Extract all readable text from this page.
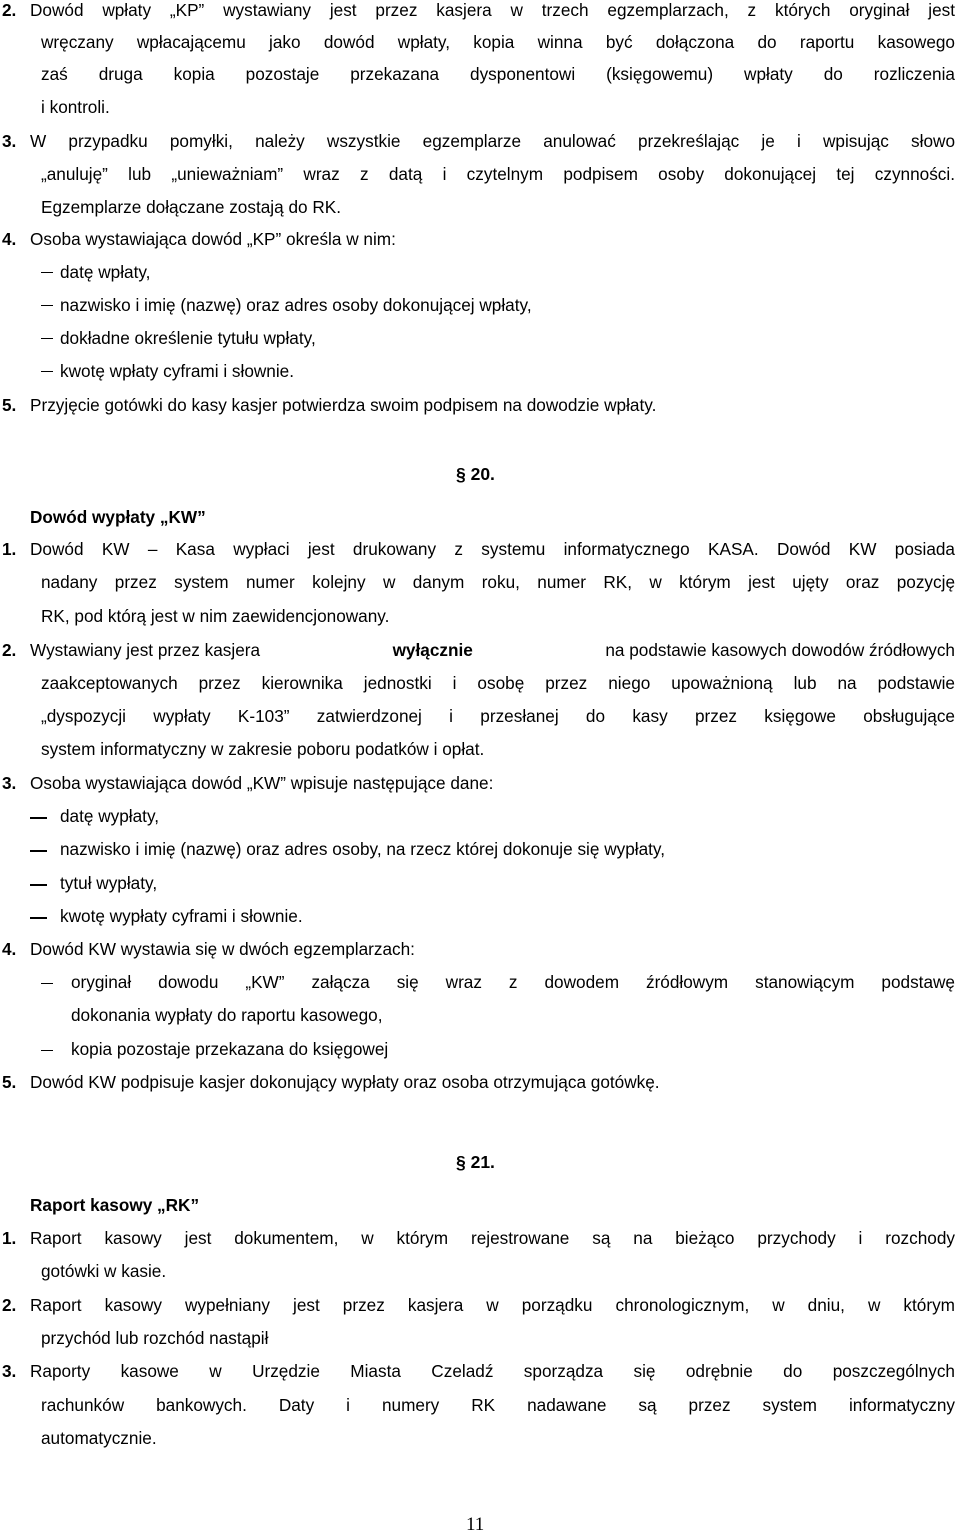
2. Dowód wpłaty „KP” wystawiany jest przez kasjera w trzech egzemplarzach, z których oryginał jest
wręczany wpłacającemu jako dowód wpłaty, kopia winna być dołączona do raportu kasowego
zaś druga kopia pozostaje przekazana dysponentowi (księgowemu) wpłaty do rozliczenia
i kontroli.
3. W przypadku pomyłki, należy wszystkie egzemplarze anulować przekreślając je i wpisując słowo
„anuluję” lub „unieważniam” wraz z datą i czytelnym podpisem osoby dokonującej tej czynności.
Egzemplarze dołączane zostają do RK.
4. Osoba wystawiająca dowód „KP” określa w nim:
datę wpłaty,
nazwisko i imię (nazwę) oraz adres osoby dokonującej wpłaty,
dokładne określenie tytułu wpłaty,
kwotę wpłaty cyframi i słownie.
5. Przyjęcie gotówki do kasy kasjer potwierdza swoim podpisem na dowodzie wpłaty.
§ 20.
Dowód wypłaty „KW”
1. Dowód KW – Kasa wypłaci jest drukowany z systemu informatycznego KASA. Dowód KW posiada
nadany przez system numer kolejny w danym roku, numer RK, w którym jest ujęty oraz pozycję
RK, pod którą jest w nim zaewidencjonowany.
2. Wystawiany jest przez kasjera	wyłącznie	na podstawie kasowych dowodów źródłowych
zaakceptowanych przez kierownika jednostki i osobę przez niego upoważnioną lub na podstawie
„dyspozycji wypłaty K-103” zatwierdzonej i przesłanej do kasy przez księgowe obsługujące
system informatyczny w zakresie poboru podatków i opłat.
3. Osoba wystawiająca dowód „KW” wpisuje następujące dane:
datę wypłaty,
nazwisko i imię (nazwę) oraz adres osoby, na rzecz której dokonuje się wypłaty,
tytuł wypłaty,
kwotę wypłaty cyframi i słownie.
4. Dowód KW wystawia się w dwóch egzemplarzach:
oryginał dowodu „KW” załącza się wraz z dowodem źródłowym stanowiącym podstawę
dokonania wypłaty do raportu kasowego,
kopia pozostaje przekazana do księgowej
5. Dowód KW podpisuje kasjer dokonujący wypłaty oraz osoba otrzymująca gotówkę.
§ 21.
Raport kasowy „RK”
1. Raport kasowy jest dokumentem, w którym rejestrowane są na bieżąco przychody i rozchody
gotówki w kasie.
2. Raport kasowy wypełniany jest przez kasjera w porządku chronologicznym, w dniu, w którym
przychód lub rozchód nastąpił
3. Raporty kasowe w Urzędzie Miasta Czeladź sporządza się odrębnie do poszczególnych
rachunków bankowych. Daty i numery RK nadawane są przez system informatyczny
automatycznie.
11
